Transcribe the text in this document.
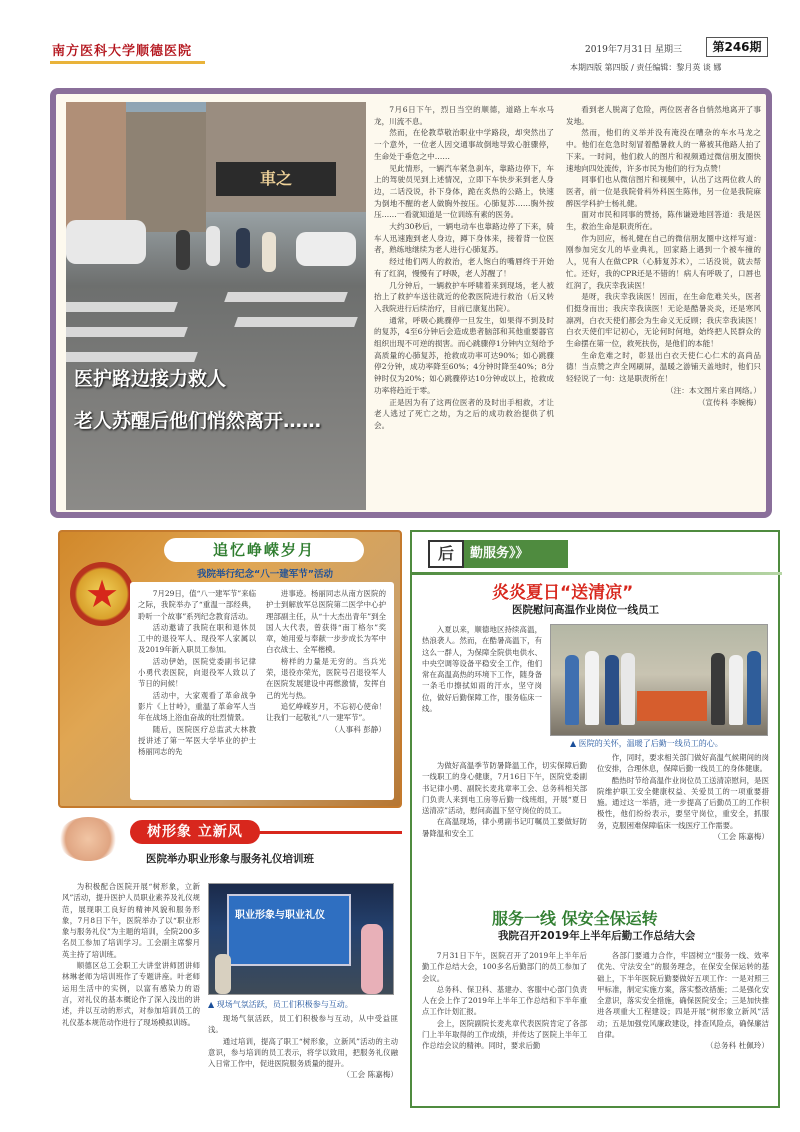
南方医科大学顺德医院	2019年7月31日 星期三	第246期
本期四版 第四版 / 责任编辑：黎月英 谈 娜
車之
医护路边接力救人
老人苏醒后他们悄然离开……

7月6日下午，烈日当空的顺德，道路上车水马龙，川流不息。

然而，在伦教草敬治职业中学路段，却突然出了一个意外，一位老人因交通事故倒地导致心脏骤停，生命处于垂危之中……

见此情形，一辆汽车紧急刹车，靠路边停下，车上的驾驶员见到上述情况，立即下车快步来到老人身边，二话没说，扑下身体，跪在炙热的公路上，快速为倒地不醒的老人做胸外按压。心肺复苏……胸外按压……一看就知道是一位训练有素的医务。

大约30秒后，一辆电动车也靠路边停了下来，骑车人迅速跑到老人身边，蹲下身体来，接着背一位医者，熟练地继续为老人进行心肺复苏。

经过他们两人的救治，老人饱白的嘴唇终于开始有了红润，慢慢有了呼吸，老人苏醒了！

几分钟后，一辆救护车呼啸着来到现场，老人被抬上了救护车送往就近的伦教医院进行救治（后又转入我院进行后续治疗，目前已康复出院）。

通常，呼吸心跳骤停一旦发生，如果得不到及时的复苏，4至6分钟后会造成患者脑部和其他重要器官组织出现不可逆的损害。而心跳骤停1分钟内立刻给予高质量的心肺复苏，抢救成功率可达90%；如心跳骤停2分钟，成功率降至60%；4分钟时降至40%；8分钟时仅为20%；如心跳骤停达10分钟或以上，抢救成功率将趋近于零。

正是因为有了这两位医者的及时出手相救，才让老人逃过了死亡之劫，为之后的成功救治提供了机会。

看到老人脱离了危险，两位医者各自悄然地离开了事发地。

然而，他们的义举并没有淹没在嘈杂的车水马龙之中。他们在危急时刻冒着酷暑救人的一幕被其他路人拍了下来。一时间，他们救人的图片和视频通过微信朋友圈快速地向四处流传，许多市民为他们的行为点赞！

同事们也从微信图片和视频中，认出了这两位救人的医者，前一位是我院骨科外科医生陈伟，另一位是我院麻醉医学科护士杨礼健。

面对市民和同事的赞扬，陈伟谦逊地回答道：我是医生，救治生命是职责所在。

作为回应，杨礼健在自己的微信朋友圈中这样写道：刚参加完女儿的毕业典礼，回家路上遇到一个被车撞的人，见有人在做CPR（心肺复苏术），二话没说，就去帮忙。还好，我的CPR还是不错的！病人有呼吸了，口唇也红润了，我庆幸我读医！

是呀，我庆幸我读医！因而，在生命危难关头，医者们挺身而出；我庆幸我读医！无论是酷暑炎炎，还是寒风凛冽，白衣天使们都会为生命义无反顾；我庆幸我读医！白衣天使们牢记初心，无论何时何地，始终把人民群众的生命摆在第一位，救死扶伤，是他们的本能！

生命危难之时，彰显出白衣天使仁心仁术的高尚品德！当点赞之声全网刷屏，温暖之游铺天盖地时，他们只轻轻说了一句：这是职责所在！

（注：本文图片来自网络。）
（宣传科 李婉梅）
追忆峥嵘岁月
我院举行纪念“八一建军节”活动
★	7月29日，值“八一建军节”来临之际，我院举办了“重温一部经典，聆听一个故事”系列纪念教育活动。

活动邀请了我院在职和退休员工中的退役军人、现役军人家属以及2019年新入职员工参加。

活动伊始，医院党委副书记律小勇代表医院，向退役军人致以了节日的问候！

活动中，大家观看了革命战争影片《上甘岭》，重温了革命军人当年在战场上浴血奋战的壮烈情景。

随后，医院医疗总监武大林教授讲述了第一军医大学毕业的护士杨丽同志的先

进事迹。杨丽同志从南方医院的护士到解放军总医院第二医学中心护理部副主任，从“十大杰出青年”到全国人大代表，曾获得“南丁格尔”奖章，她用爱与奉献一步步成长为军中白衣战士、全军楷模。

榜样的力量是无穷的。当兵光荣，退役亦荣光，医院号召退役军人在医院发展建设中再燃激情，发挥自己的光与热。

追忆峥嵘岁月，不忘初心使命！让我们一起敬礼“八一建军节”。

（人事科 彭静）
树形象 立新风
医院举办职业形象与服务礼仪培训班

为积极配合医院开展“树形象，立新风”活动，提升医护人员职业素养及礼仪规范，展现职工良好的精神风貌和服务形象，7月8日下午，医院举办了以“职业形象与服务礼仪”为主题的培训，全院200多名员工参加了培训学习。工会副主席黎月英主持了培训班。

顺德区总工会职工大讲堂讲师团讲师林琳老师为培训班作了专题讲座。叶老师运用生活中的实例，以富有感染力的语言，对礼仪的基本概论作了深入浅出的讲述，并以互动的形式，对参加培训员工的礼仪基本规范动作进行了现场模拟训练。

职业形象与职业礼仪
▲ 现场气氛活跃，员工们积极参与互动。

现场气氛活跃，员工们积极参与互动，从中受益匪浅。

通过培训，提高了职工“树形象，立新风”活动的主动意识，参与培训的员工表示，将学以致用，把服务礼仪融入日常工作中，促进医院服务质量的提升。

（工会 陈嘉梅）
后	勤服务》》
炎炎夏日“送清凉”
医院慰问高温作业岗位一线员工

入夏以来，顺德地区持续高温，热浪袭人。然而，在酷暑高温下，有这么一群人，为保障全院供电供水、中央空调等设备平稳安全工作，他们常在高温高热的环境下工作，随身备一条毛巾擦拭如雨的汗水，坚守岗位，做好后勤保障工作，服务临床一线。

▲ 医院的关怀，温暖了后勤一线员工的心。

为做好高温季节防暑降温工作，切实保障后勤一线职工的身心健康，7月16日下午，医院党委副书记律小勇、副院长麦兆章率工会、总务科相关部门负责人来到电工房等后勤一线班组，开展“夏日送清凉”活动，慰问高温下坚守岗位的员工。

在高温现场，律小勇副书记叮嘱员工要做好防暑降温和安全工

作，同时，要求相关部门做好高温气候期间的岗位安排，合理休息，保障后勤一线员工的身体健康。

酷热时节给高温作业岗位员工送清凉慰问，是医院维护职工安全健康权益、关爱员工的一项重要措施。通过这一举措，进一步提高了后勤员工的工作积极性，他们纷纷表示，要坚守岗位，重安全，抓服务，克服困难保障临床一线医疗工作需要。

（工会 陈嘉梅）
服务一线 保安全保运转
我院召开2019年上半年后勤工作总结大会

7月31日下午，医院召开了2019年上半年后勤工作总结大会，100多名后勤部门的员工参加了会议。

总务科、保卫科、基建办、客服中心部门负责人在会上作了2019年上半年工作总结和下半年重点工作计划汇报。

会上，医院副院长麦兆章代表医院肯定了各部门上半年取得的工作成绩，并传达了医院上半年工作总结会议的精神。同时，要求后勤

各部门要通力合作，牢固树立“服务一线、效率优先、守法安全”的服务理念，在保安全保运转的基础上，下半年医院后勤要做好五项工作：一是对照三甲标准，制定实施方案，落实整改措施；二是强化安全意识，落实安全措施，确保医院安全；三是加快推进各项重大工程建设；四是开展“树形象立新风”活动；五是加强党风廉政建设，排查风险点，确保廉洁自律。

（总务科 杜佩玲）
